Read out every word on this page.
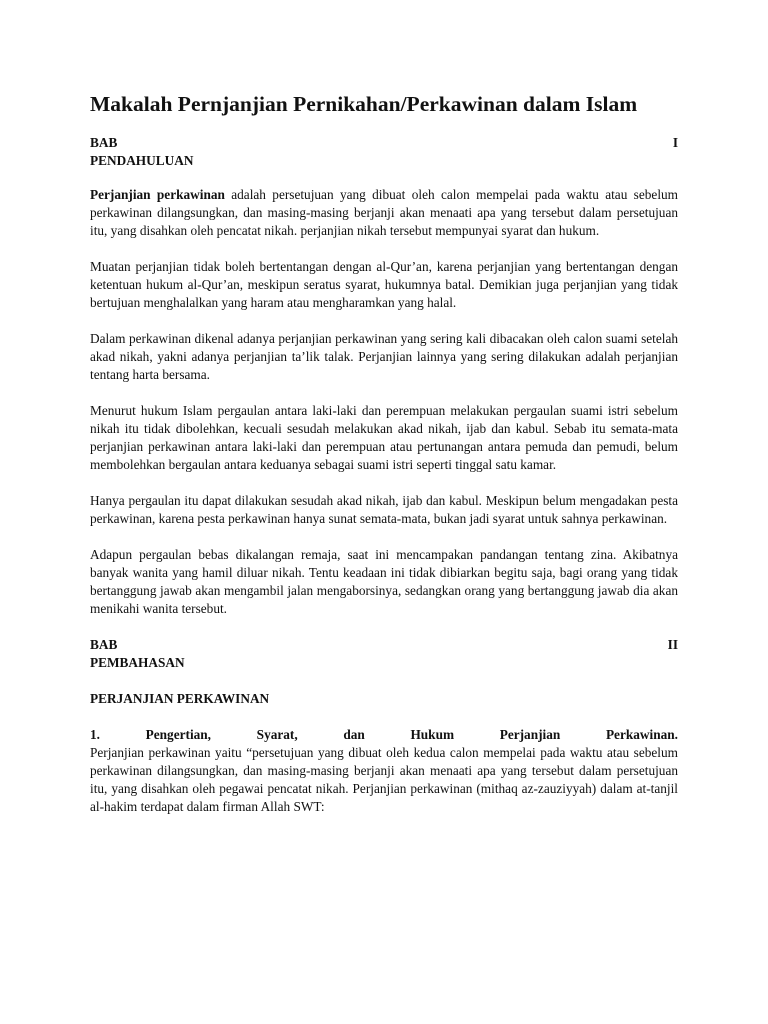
Makalah Pernjanjian Pernikahan/Perkawinan dalam Islam
BAB	I
PENDAHULUAN

Perjanjian perkawinan adalah persetujuan yang dibuat oleh calon mempelai pada waktu atau sebelum perkawinan dilangsungkan, dan masing-masing berjanji akan menaati apa yang tersebut dalam persetujuan itu, yang disahkan oleh pencatat nikah. perjanjian nikah tersebut mempunyai syarat dan hukum.

Muatan perjanjian tidak boleh bertentangan dengan al-Qur’an, karena perjanjian yang bertentangan dengan ketentuan hukum al-Qur’an, meskipun seratus syarat, hukumnya batal. Demikian juga perjanjian yang tidak bertujuan menghalalkan yang haram atau mengharamkan yang halal.

Dalam perkawinan dikenal adanya perjanjian perkawinan yang sering kali dibacakan oleh calon suami setelah akad nikah, yakni adanya perjanjian ta’lik talak. Perjanjian lainnya yang sering dilakukan adalah perjanjian tentang harta bersama.

Menurut hukum Islam pergaulan antara laki-laki dan perempuan melakukan pergaulan suami istri sebelum nikah itu tidak dibolehkan, kecuali sesudah melakukan akad nikah, ijab dan kabul. Sebab itu semata-mata perjanjian perkawinan antara laki-laki dan perempuan atau pertunangan antara pemuda dan pemudi, belum membolehkan bergaulan antara keduanya sebagai suami istri seperti tinggal satu kamar.

Hanya pergaulan itu dapat dilakukan sesudah akad nikah, ijab dan kabul. Meskipun belum mengadakan pesta perkawinan, karena pesta perkawinan hanya sunat semata-mata, bukan jadi syarat untuk sahnya perkawinan.

Adapun pergaulan bebas dikalangan remaja, saat ini mencampakan pandangan tentang zina. Akibatnya banyak wanita yang hamil diluar nikah. Tentu keadaan ini tidak dibiarkan begitu saja, bagi orang yang tidak bertanggung jawab akan mengambil jalan mengaborsinya, sedangkan orang yang bertanggung jawab dia akan menikahi wanita tersebut.

BAB	II
PEMBAHASAN
PERJANJIAN PERKAWINAN
1.	Pengertian,	Syarat,	dan	Hukum	Perjanjian	Perkawinan.

Perjanjian perkawinan yaitu “persetujuan yang dibuat oleh kedua calon mempelai pada waktu atau sebelum perkawinan dilangsungkan, dan masing-masing berjanji akan menaati apa yang tersebut dalam persetujuan itu, yang disahkan oleh pegawai pencatat nikah. Perjanjian perkawinan (mithaq az-zauziyyah) dalam at-tanjil al-hakim terdapat dalam firman Allah SWT:
